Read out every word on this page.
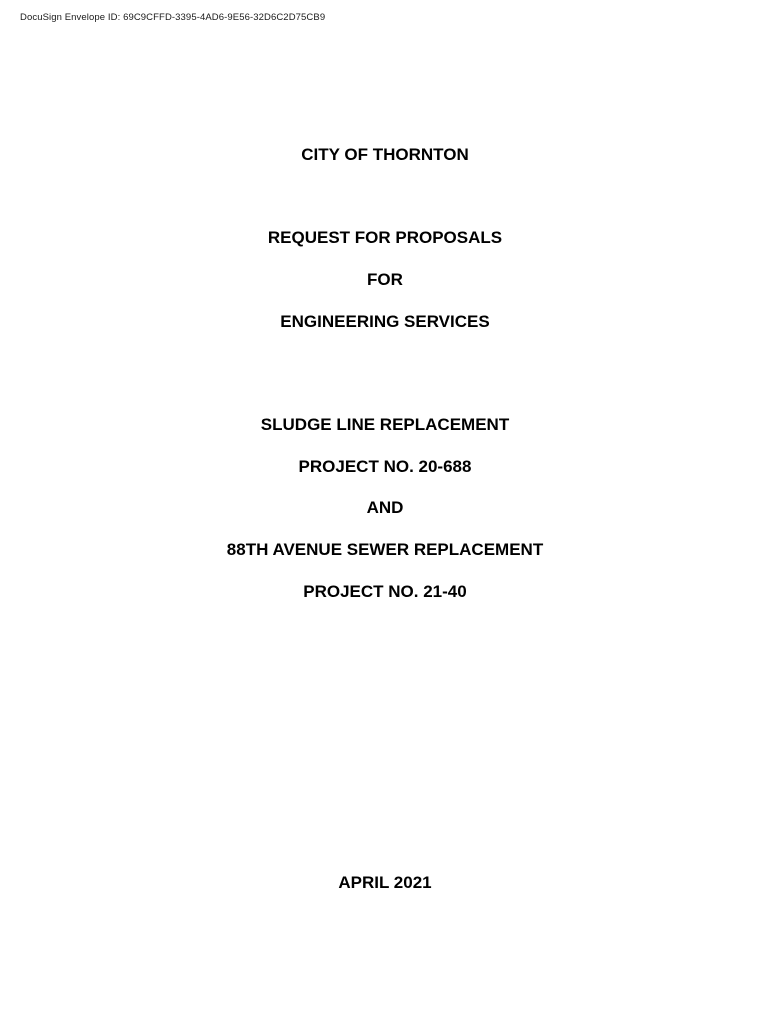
DocuSign Envelope ID: 69C9CFFD-3395-4AD6-9E56-32D6C2D75CB9
CITY OF THORNTON
REQUEST FOR PROPOSALS
FOR
ENGINEERING SERVICES
SLUDGE LINE REPLACEMENT
PROJECT NO. 20-688
AND
88TH AVENUE SEWER REPLACEMENT
PROJECT NO. 21-40
APRIL 2021
